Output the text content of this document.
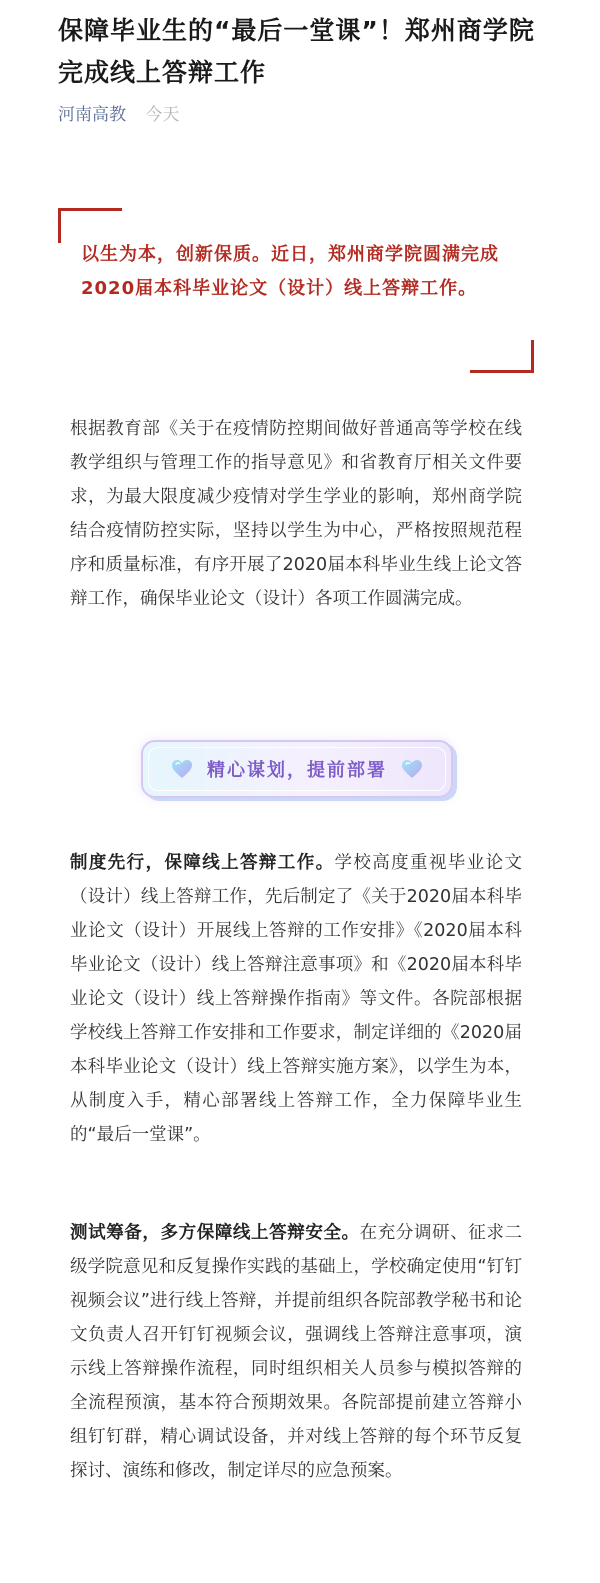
保障毕业生的“最后一堂课”！郑州商学院完成线上答辩工作
河南高教 今天

以生为本，创新保质。近日，郑州商学院圆满完成2020届本科毕业论文（设计）线上答辩工作。

根据教育部《关于在疫情防控期间做好普通高等学校在线教学组织与管理工作的指导意见》和省教育厅相关文件要求，为最大限度减少疫情对学生学业的影响，郑州商学院结合疫情防控实际，坚持以学生为中心，严格按照规范程序和质量标准，有序开展了2020届本科毕业生线上论文答辩工作，确保毕业论文（设计）各项工作圆满完成。

精心谋划，提前部署

制度先行，保障线上答辩工作。学校高度重视毕业论文（设计）线上答辩工作，先后制定了《关于2020届本科毕业论文（设计）开展线上答辩的工作安排》《2020届本科毕业论文（设计）线上答辩注意事项》和《2020届本科毕业论文（设计）线上答辩操作指南》等文件。各院部根据学校线上答辩工作安排和工作要求，制定详细的《2020届本科毕业论文（设计）线上答辩实施方案》，以学生为本，从制度入手，精心部署线上答辩工作，全力保障毕业生的“最后一堂课”。

测试筹备，多方保障线上答辩安全。在充分调研、征求二级学院意见和反复操作实践的基础上，学校确定使用“钉钉视频会议”进行线上答辩，并提前组织各院部教学秘书和论文负责人召开钉钉视频会议，强调线上答辩注意事项，演示线上答辩操作流程，同时组织相关人员参与模拟答辩的全流程预演，基本符合预期效果。各院部提前建立答辩小组钉钉群，精心调试设备，并对线上答辩的每个环节反复探讨、演练和修改，制定详尽的应急预案。
